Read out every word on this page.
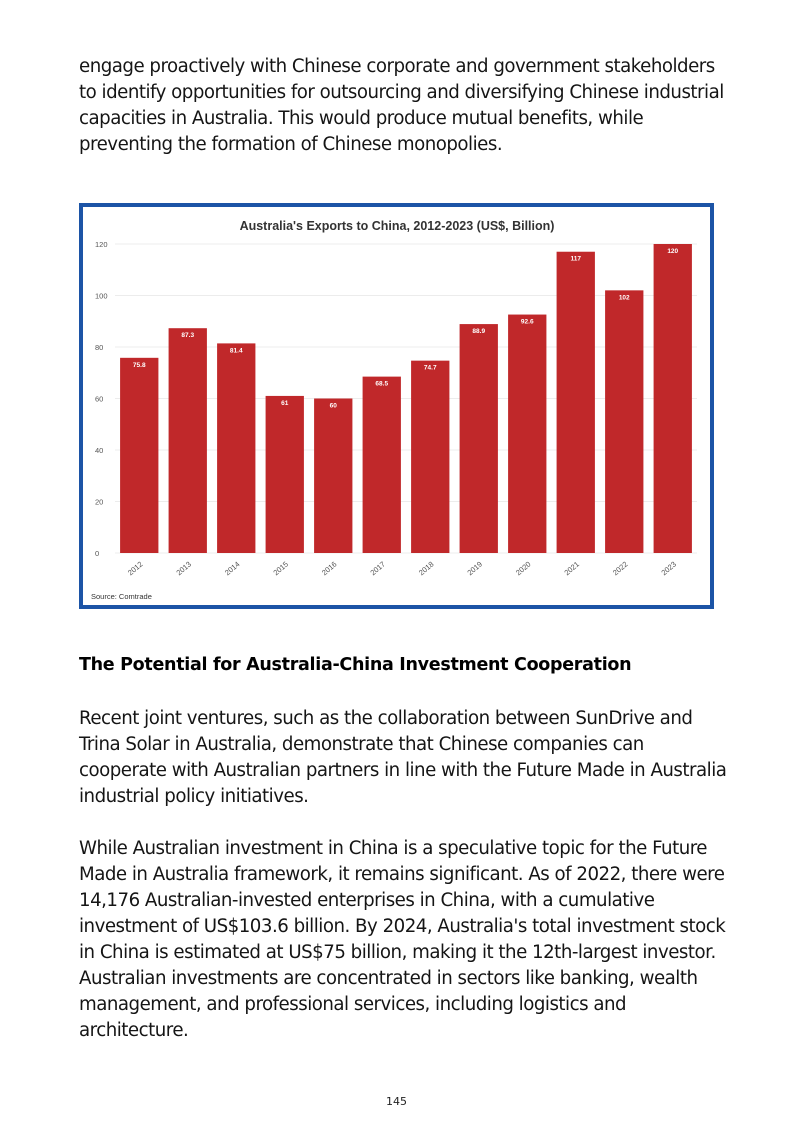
engage proactively with Chinese corporate and government stakeholders to identify opportunities for outsourcing and diversifying Chinese industrial capacities in Australia. This would produce mutual benefits, while preventing the formation of Chinese monopolies.

Australia's Exports to China, 2012-2023 (US$, Billion)
0
20
40
60
80
100
120
75.8
87.3
81.4
61	60
68.5
74.7
88.9
92.6
117
102
120
2012	2013	2014	2015	2016	2017	2018	2019	2020	2021	2022	2023
Source: Comtrade
The Potential for Australia-China Investment Cooperation

Recent joint ventures, such as the collaboration between SunDrive and Trina Solar in Australia, demonstrate that Chinese companies can cooperate with Australian partners in line with the Future Made in Australia industrial policy initiatives.

While Australian investment in China is a speculative topic for the Future Made in Australia framework, it remains significant. As of 2022, there were 14,176 Australian-invested enterprises in China, with a cumulative investment of US$103.6 billion. By 2024, Australia's total investment stock in China is estimated at US$75 billion, making it the 12th-largest investor. Australian investments are concentrated in sectors like banking, wealth management, and professional services, including logistics and architecture.

145
